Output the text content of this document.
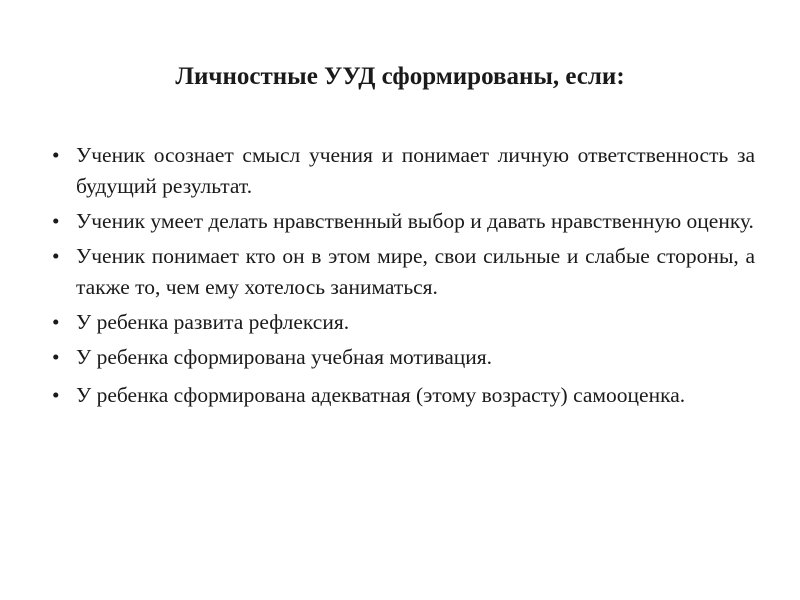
Личностные УУД сформированы, если:
• Ученик осознает смысл учения и понимает личную ответственность за будущий результат.
• Ученик умеет делать нравственный выбор и давать нравственную оценку.
• Ученик понимает кто он в этом мире, свои сильные и слабые стороны, а также то, чем ему хотелось заниматься.
• У ребенка развита рефлексия.
• У ребенка сформирована учебная мотивация.
• У ребенка сформирована адекватная (этому возрасту) самооценка.
